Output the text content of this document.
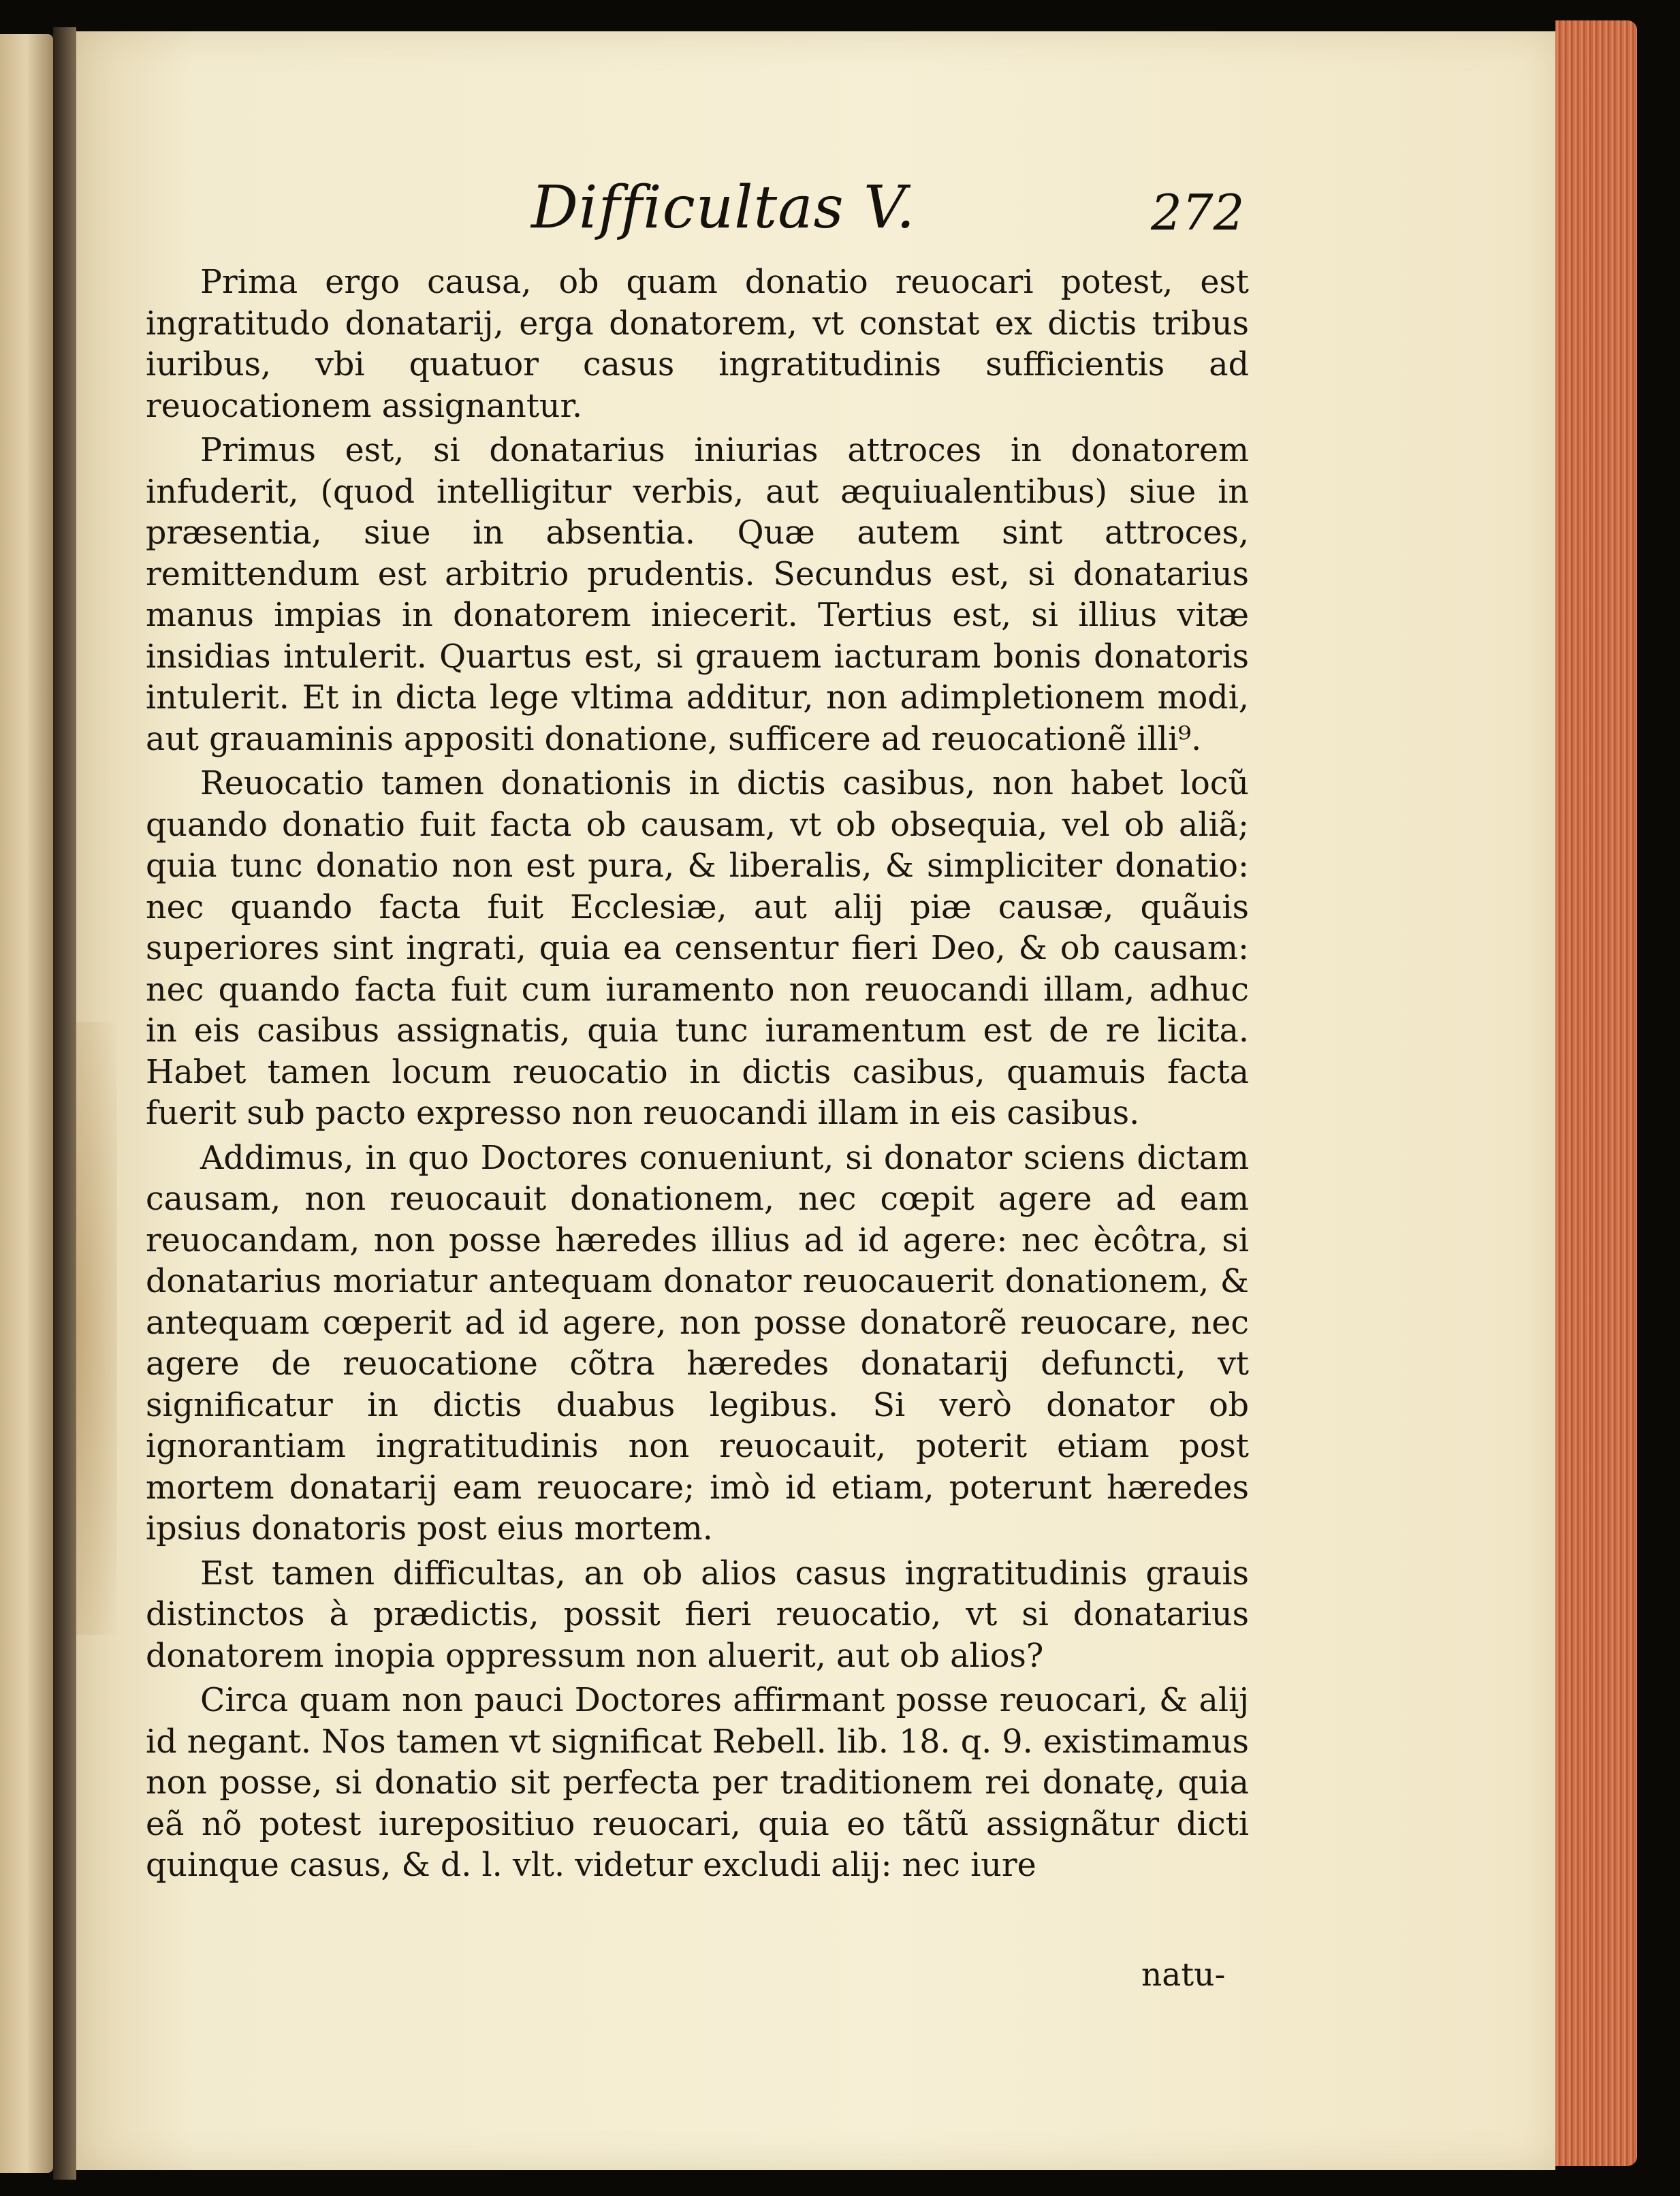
Difficultas V.	272

Prima ergo causa, ob quam donatio reuocari potest, est ingratitudo donatarij, erga donatorem, vt constat ex dictis tribus iuribus, vbi quatuor casus ingratitudinis sufficientis ad reuocationem assignantur.

Primus est, si donatarius iniurias attroces in donatorem infuderit, (quod intelligitur verbis, aut æquiualentibus) siue in præsentia, siue in absentia. Quæ autem sint attroces, remittendum est arbitrio prudentis. Secundus est, si donatarius manus impias in donatorem iniecerit. Tertius est, si illius vitæ insidias intulerit. Quartus est, si grauem iacturam bonis donatoris intulerit. Et in dicta lege vltima additur, non adimpletionem modi, aut grauaminis appositi donatione, sufficere ad reuocationẽ illi⁹.

Reuocatio tamen donationis in dictis casibus, non habet locũ quando donatio fuit facta ob causam, vt ob obsequia, vel ob aliã; quia tunc donatio non est pura, & liberalis, & simpliciter donatio: nec quando facta fuit Ecclesiæ, aut alij piæ causæ, quãuis superiores sint ingrati, quia ea censentur fieri Deo, & ob causam: nec quando facta fuit cum iuramento non reuocandi illam, adhuc in eis casibus assignatis, quia tunc iuramentum est de re licita. Habet tamen locum reuocatio in dictis casibus, quamuis facta fuerit sub pacto expresso non reuocandi illam in eis casibus.

Addimus, in quo Doctores conueniunt, si donator sciens dictam causam, non reuocauit donationem, nec cœpit agere ad eam reuocandam, non posse hæredes illius ad id agere: nec ècôtra, si donatarius moriatur antequam donator reuocauerit donationem, & antequam cœperit ad id agere, non posse donatorẽ reuocare, nec agere de reuocatione cõtra hæredes donatarij defuncti, vt significatur in dictis duabus legibus. Si verò donator ob ignorantiam ingratitudinis non reuocauit, poterit etiam post mortem donatarij eam reuocare; imò id etiam, poterunt hæredes ipsius donatoris post eius mortem.

Est tamen difficultas, an ob alios casus ingratitudinis grauis distinctos à prædictis, possit fieri reuocatio, vt si donatarius donatorem inopia oppressum non aluerit, aut ob alios?

Circa quam non pauci Doctores affirmant posse reuocari, & alij id negant. Nos tamen vt significat Rebell. lib. 18. q. 9. existimamus non posse, si donatio sit perfecta per traditionem rei donatę, quia eã nõ potest iurepositiuo reuocari, quia eo tãtũ assignãtur dicti quinque casus, & d. l. vlt. videtur excludi alij: nec iure

natu-
